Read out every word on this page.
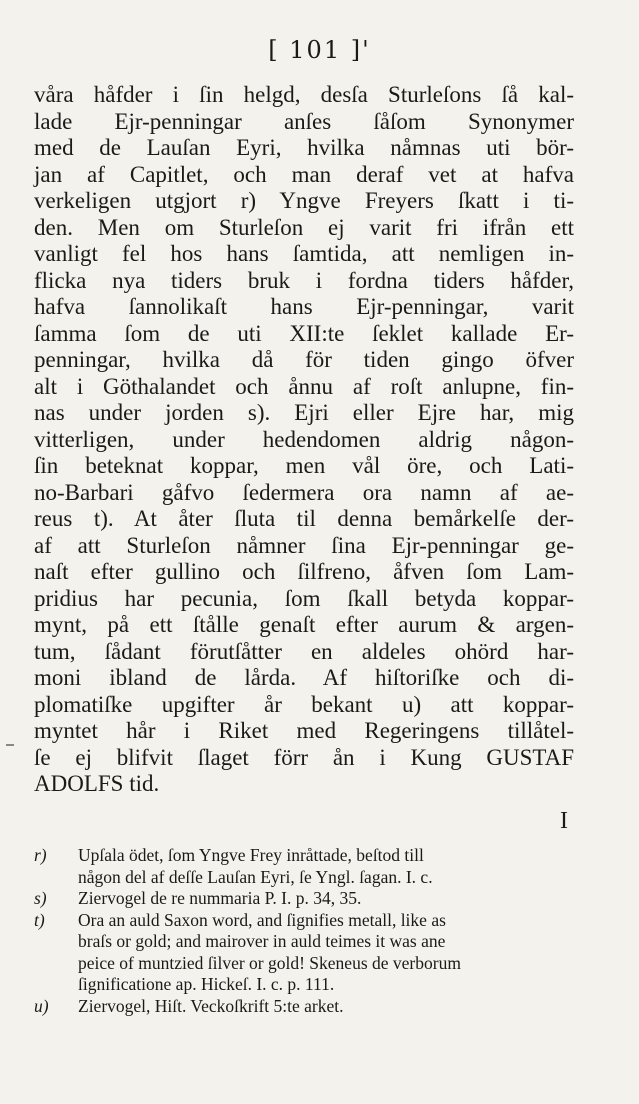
[ 101 ]'
våra håfder i ſin helgd, desſa Sturleſons ſå kal-
lade Ejr-penningar anſes ſåſom Synonymer
med de Lauſan Eyri, hvilka nåmnas uti bör-
jan af Capitlet, och man deraf vet at hafva
verkeligen utgjort r) Yngve Freyers ſkatt i ti-
den. Men om Sturleſon ej varit fri ifrån ett
vanligt fel hos hans ſamtida, att nemligen in-
flicka nya tiders bruk i fordna tiders håfder,
hafva ſannolikaſt hans Ejr-penningar, varit
ſamma ſom de uti XII:te ſeklet kallade Er-
penningar, hvilka då för tiden gingo öfver
alt i Göthalandet och ånnu af roſt anlupne, fin-
nas under jorden s). Ejri eller Ejre har, mig
vitterligen, under hedendomen aldrig någon-
ſin beteknat koppar, men vål öre, och Lati-
no-Barbari gåfvo ſedermera ora namn af ae-
reus t). At åter ſluta til denna bemårkelſe der-
af att Sturleſon nåmner ſina Ejr-penningar ge-
naſt efter gullino och ſilfreno, åfven ſom Lam-
pridius har pecunia, ſom ſkall betyda koppar-
mynt, på ett ſtålle genaſt efter aurum & argen-
tum, ſådant förutſåtter en aldeles ohörd har-
moni ibland de lårda. Af hiſtoriſke och di-
plomatiſke upgifter år bekant u) att koppar-
myntet hår i Riket med Regeringens tillåtel-
ſe ej blifvit ſlaget förr ån i Kung GUSTAF
ADOLFS tid.
I
r) Upſala ödet, ſom Yngve Frey inråttade, beſtod till
någon del af deſſe Lauſan Eyri, ſe Yngl. ſagan. I. c.
s) Ziervogel de re nummaria P. I. p. 34, 35.
t) Ora an auld Saxon word, and ſignifies metall, like as
braſs or gold; and mairover in auld teimes it was ane
peice of muntzied ſilver or gold! Skeneus de verborum
ſignificatione ap. Hickeſ. I. c. p. 111.
u) Ziervogel, Hiſt. Veckoſkrift 5:te arket.
